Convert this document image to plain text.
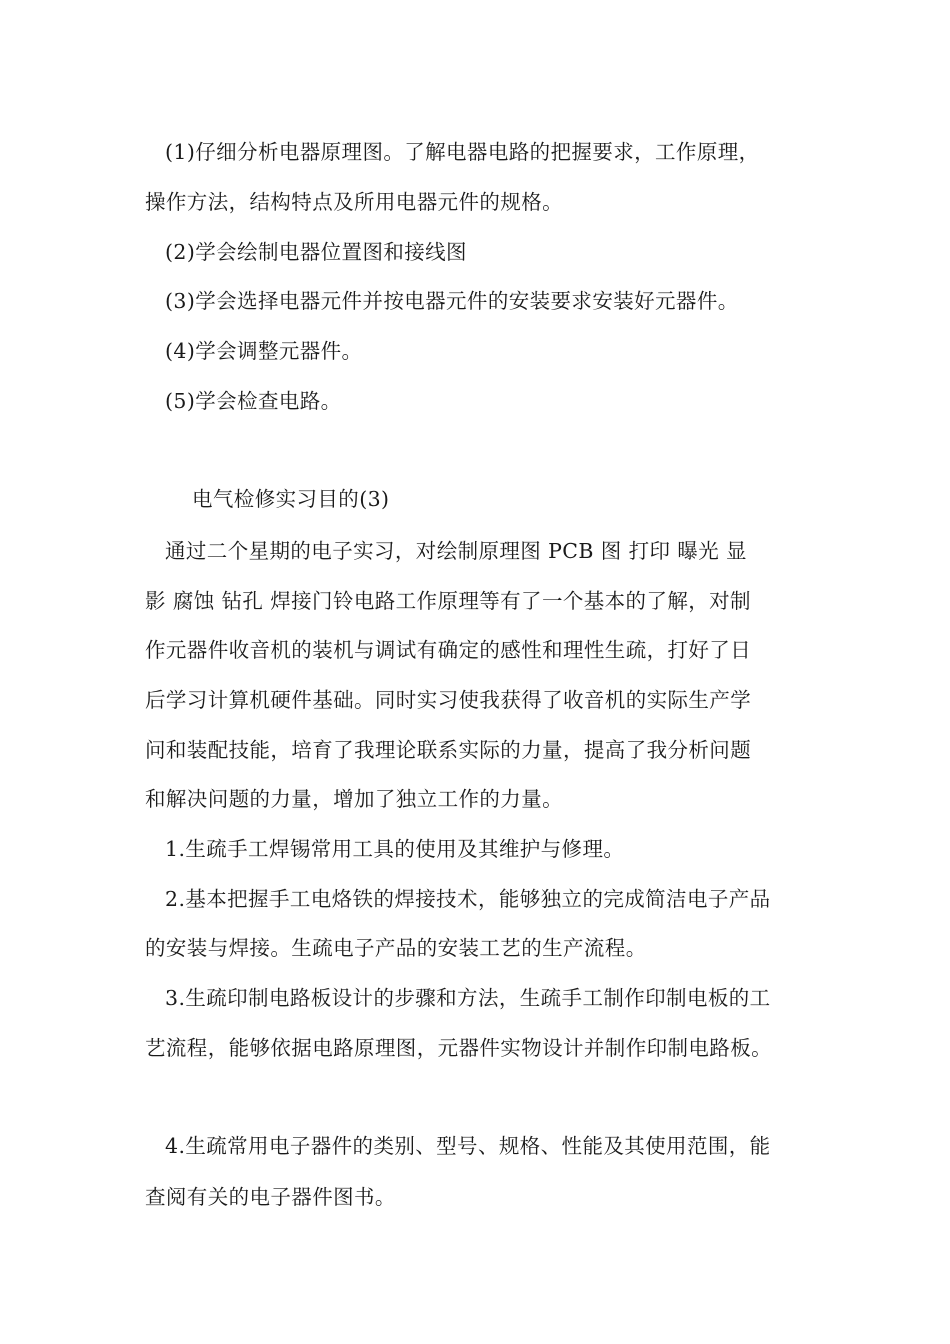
(1)仔细分析电器原理图。了解电器电路的把握要求，工作原理，
操作方法，结构特点及所用电器元件的规格。
(2)学会绘制电器位置图和接线图
(3)学会选择电器元件并按电器元件的安装要求安装好元器件。
(4)学会调整元器件。
(5)学会检查电路。
电气检修实习目的(3)
通过二个星期的电子实习，对绘制原理图 PCB 图 打印 曝光 显
影 腐蚀 钻孔 焊接门铃电路工作原理等有了一个基本的了解，对制
作元器件收音机的装机与调试有确定的感性和理性生疏，打好了日
后学习计算机硬件基础。同时实习使我获得了收音机的实际生产学
问和装配技能，培育了我理论联系实际的力量，提高了我分析问题
和解决问题的力量，增加了独立工作的力量。
1.生疏手工焊锡常用工具的使用及其维护与修理。
2.基本把握手工电烙铁的焊接技术，能够独立的完成简洁电子产品
的安装与焊接。生疏电子产品的安装工艺的生产流程。
3.生疏印制电路板设计的步骤和方法，生疏手工制作印制电板的工
艺流程，能够依据电路原理图，元器件实物设计并制作印制电路板。
4.生疏常用电子器件的类别、型号、规格、性能及其使用范围，能
查阅有关的电子器件图书。
